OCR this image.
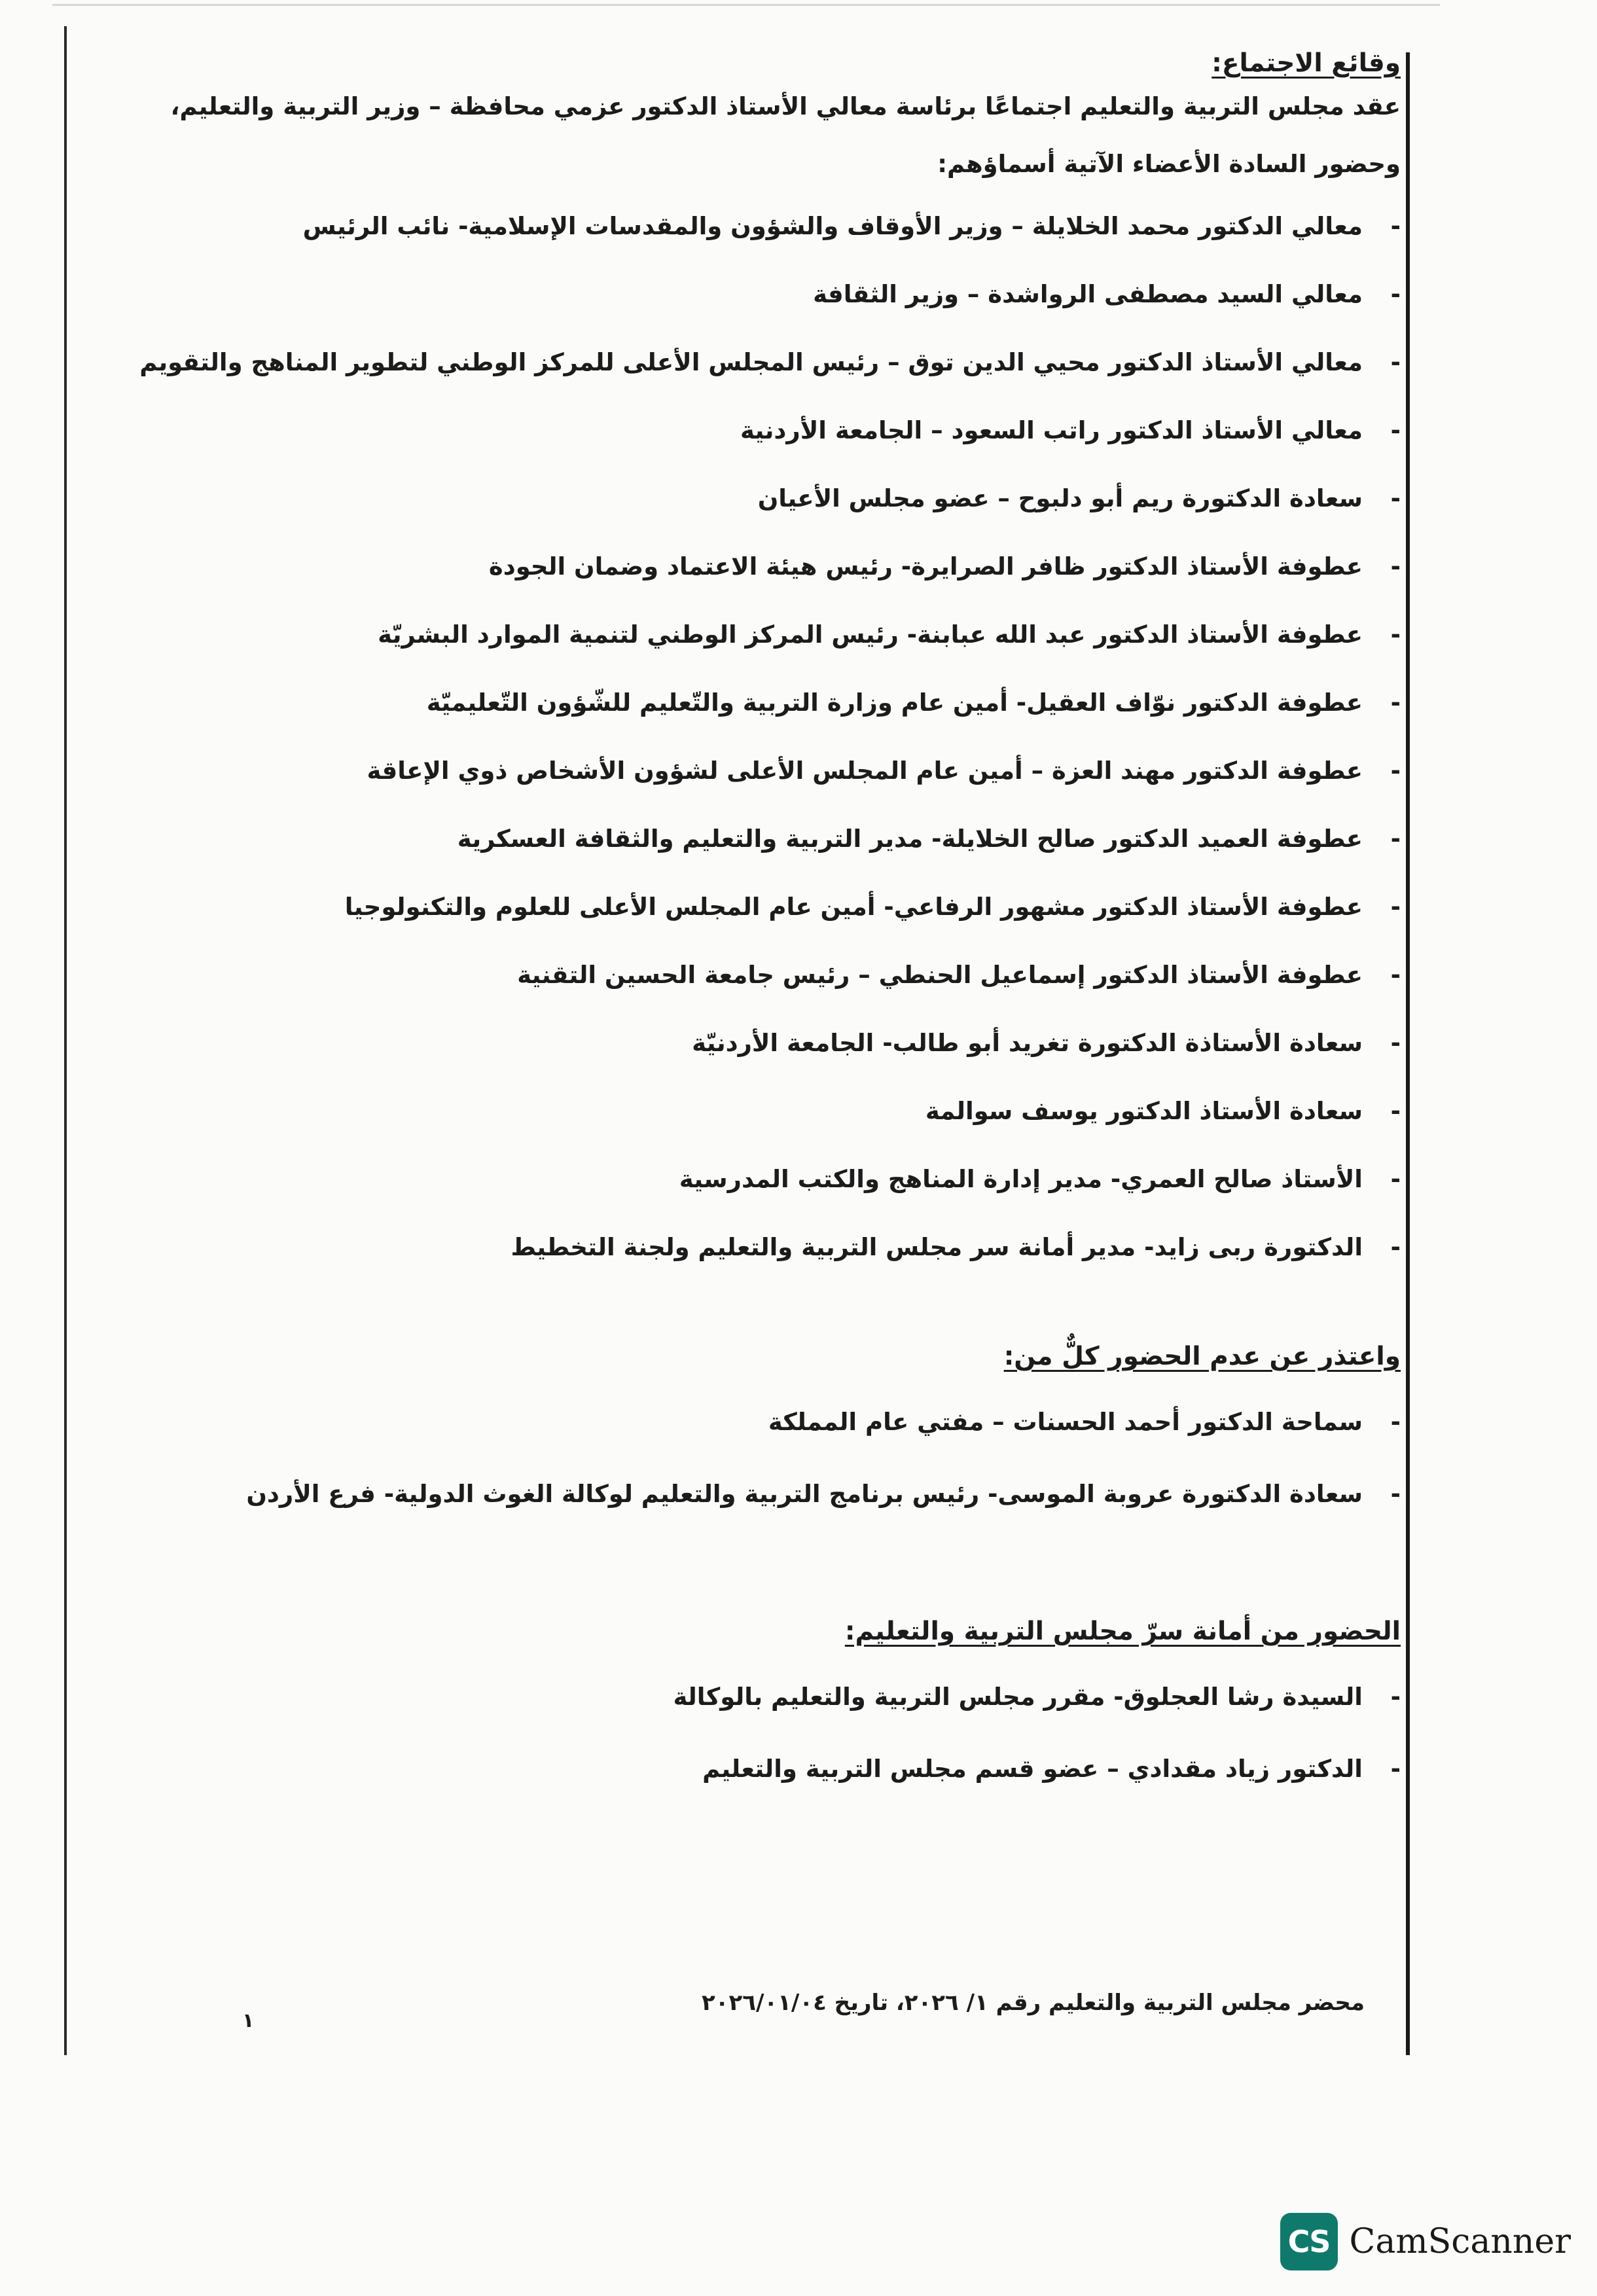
وقائع الاجتماع:

عقد مجلس التربية والتعليم اجتماعًا برئاسة معالي الأستاذ الدكتور عزمي محافظة – وزير التربية والتعليم،

وحضور السادة الأعضاء الآتية أسماؤهم:

-
معالي الدكتور محمد الخلايلة – وزير الأوقاف والشؤون والمقدسات الإسلامية- نائب الرئيس
-
معالي السيد مصطفى الرواشدة – وزير الثقافة
-
معالي الأستاذ الدكتور محيي الدين توق – رئيس المجلس الأعلى للمركز الوطني لتطوير المناهج والتقويم
-
معالي الأستاذ الدكتور راتب السعود – الجامعة الأردنية
-
سعادة الدكتورة ريم أبو دلبوح – عضو مجلس الأعيان
-
عطوفة الأستاذ الدكتور ظافر الصرايرة- رئيس هيئة الاعتماد وضمان الجودة
-
عطوفة الأستاذ الدكتور عبد الله عبابنة- رئيس المركز الوطني لتنمية الموارد البشريّة
-
عطوفة الدكتور نوّاف العقيل- أمين عام وزارة التربية والتّعليم للشّؤون التّعليميّة
-
عطوفة الدكتور مهند العزة – أمين عام المجلس الأعلى لشؤون الأشخاص ذوي الإعاقة
-
عطوفة العميد الدكتور صالح الخلايلة- مدير التربية والتعليم والثقافة العسكرية
-
عطوفة الأستاذ الدكتور مشهور الرفاعي- أمين عام المجلس الأعلى للعلوم والتكنولوجيا
-
عطوفة الأستاذ الدكتور إسماعيل الحنطي – رئيس جامعة الحسين التقنية
-
سعادة الأستاذة الدكتورة تغريد أبو طالب- الجامعة الأردنيّة
-
سعادة الأستاذ الدكتور يوسف سوالمة
-
الأستاذ صالح العمري- مدير إدارة المناهج والكتب المدرسية
-
الدكتورة ربى زايد- مدير أمانة سر مجلس التربية والتعليم ولجنة التخطيط

واعتذر عن عدم الحضور كلٌّ من:

-
سماحة الدكتور أحمد الحسنات – مفتي عام المملكة
-
سعادة الدكتورة عروبة الموسى- رئيس برنامج التربية والتعليم لوكالة الغوث الدولية- فرع الأردن

الحضور من أمانة سرّ مجلس التربية والتعليم:

-
السيدة رشا العجلوق- مقرر مجلس التربية والتعليم بالوكالة
-
الدكتور زياد مقدادي – عضو قسم مجلس التربية والتعليم
محضر مجلس التربية والتعليم رقم ١/ ٢٠٢٦، تاريخ ٢٠٢٦/٠١/٠٤
١
CS CamScanner
